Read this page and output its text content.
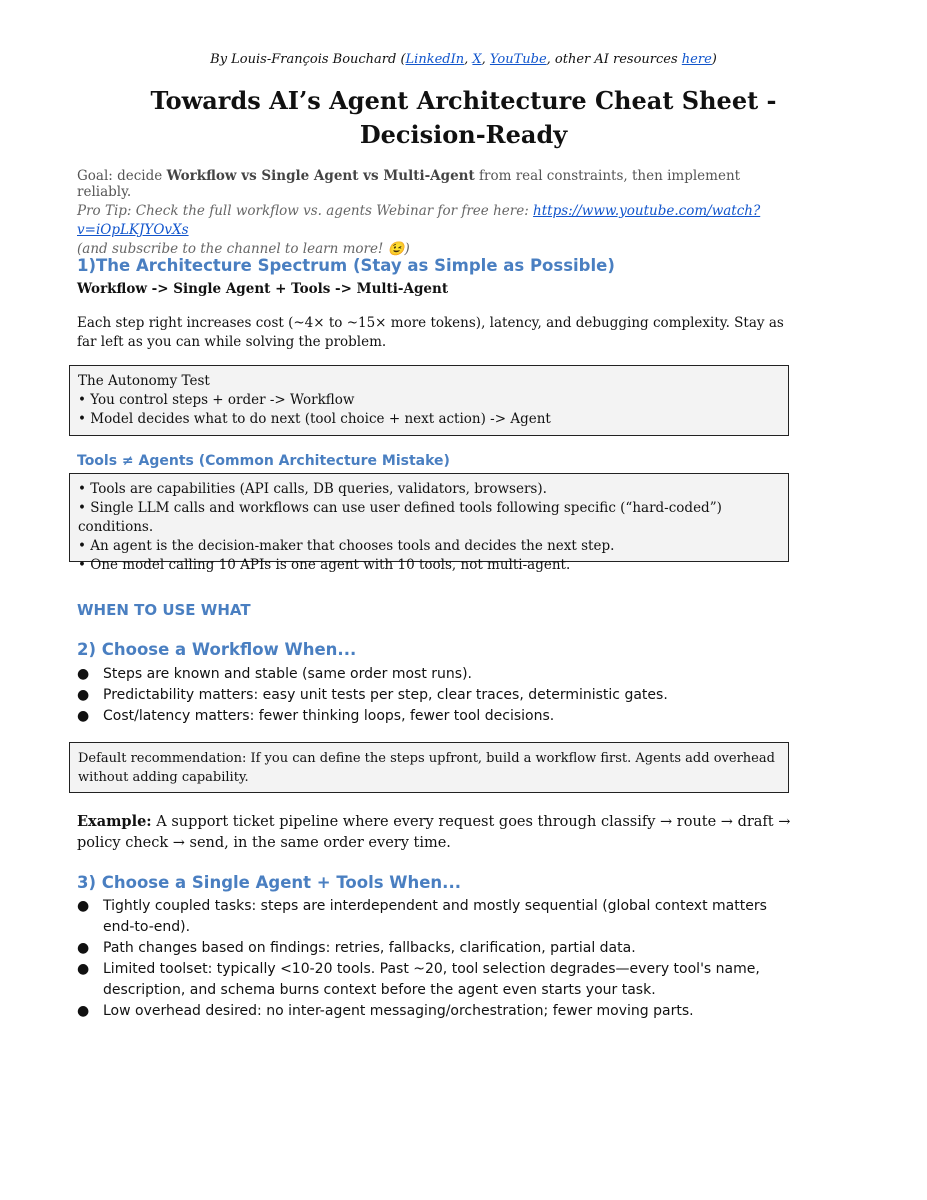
By Louis-François Bouchard (LinkedIn, X, YouTube, other AI resources here)
Towards AI’s Agent Architecture Cheat Sheet -
Decision-Ready
Goal: decide Workflow vs Single Agent vs Multi-Agent from real constraints, then implement reliably.
Pro Tip: Check the full workflow vs. agents Webinar for free here: https://www.youtube.com/watch?v=iOpLKJYOvXs
(and subscribe to the channel to learn more! 😉)
1)The Architecture Spectrum (Stay as Simple as Possible)
Workflow -> Single Agent + Tools -> Multi-Agent
Each step right increases cost (~4× to ~15× more tokens), latency, and debugging complexity. Stay as far left as you can while solving the problem.
The Autonomy Test
• You control steps + order -> Workflow
• Model decides what to do next (tool choice + next action) -> Agent
Tools ≠ Agents (Common Architecture Mistake)
• Tools are capabilities (API calls, DB queries, validators, browsers).
• Single LLM calls and workflows can use user defined tools following specific (“hard-coded”) conditions.
• An agent is the decision-maker that chooses tools and decides the next step.
• One model calling 10 APIs is one agent with 10 tools, not multi-agent.
WHEN TO USE WHAT
2) Choose a Workflow When...
● Steps are known and stable (same order most runs).
● Predictability matters: easy unit tests per step, clear traces, deterministic gates.
● Cost/latency matters: fewer thinking loops, fewer tool decisions.
Default recommendation: If you can define the steps upfront, build a workflow first. Agents add overhead without adding capability.
Example: A support ticket pipeline where every request goes through classify → route → draft → policy check → send, in the same order every time.
3) Choose a Single Agent + Tools When...
● Tightly coupled tasks: steps are interdependent and mostly sequential (global context matters end-to-end).
● Path changes based on findings: retries, fallbacks, clarification, partial data.
● Limited toolset: typically <10-20 tools. Past ~20, tool selection degrades—every tool's name, description, and schema burns context before the agent even starts your task.
● Low overhead desired: no inter-agent messaging/orchestration; fewer moving parts.
